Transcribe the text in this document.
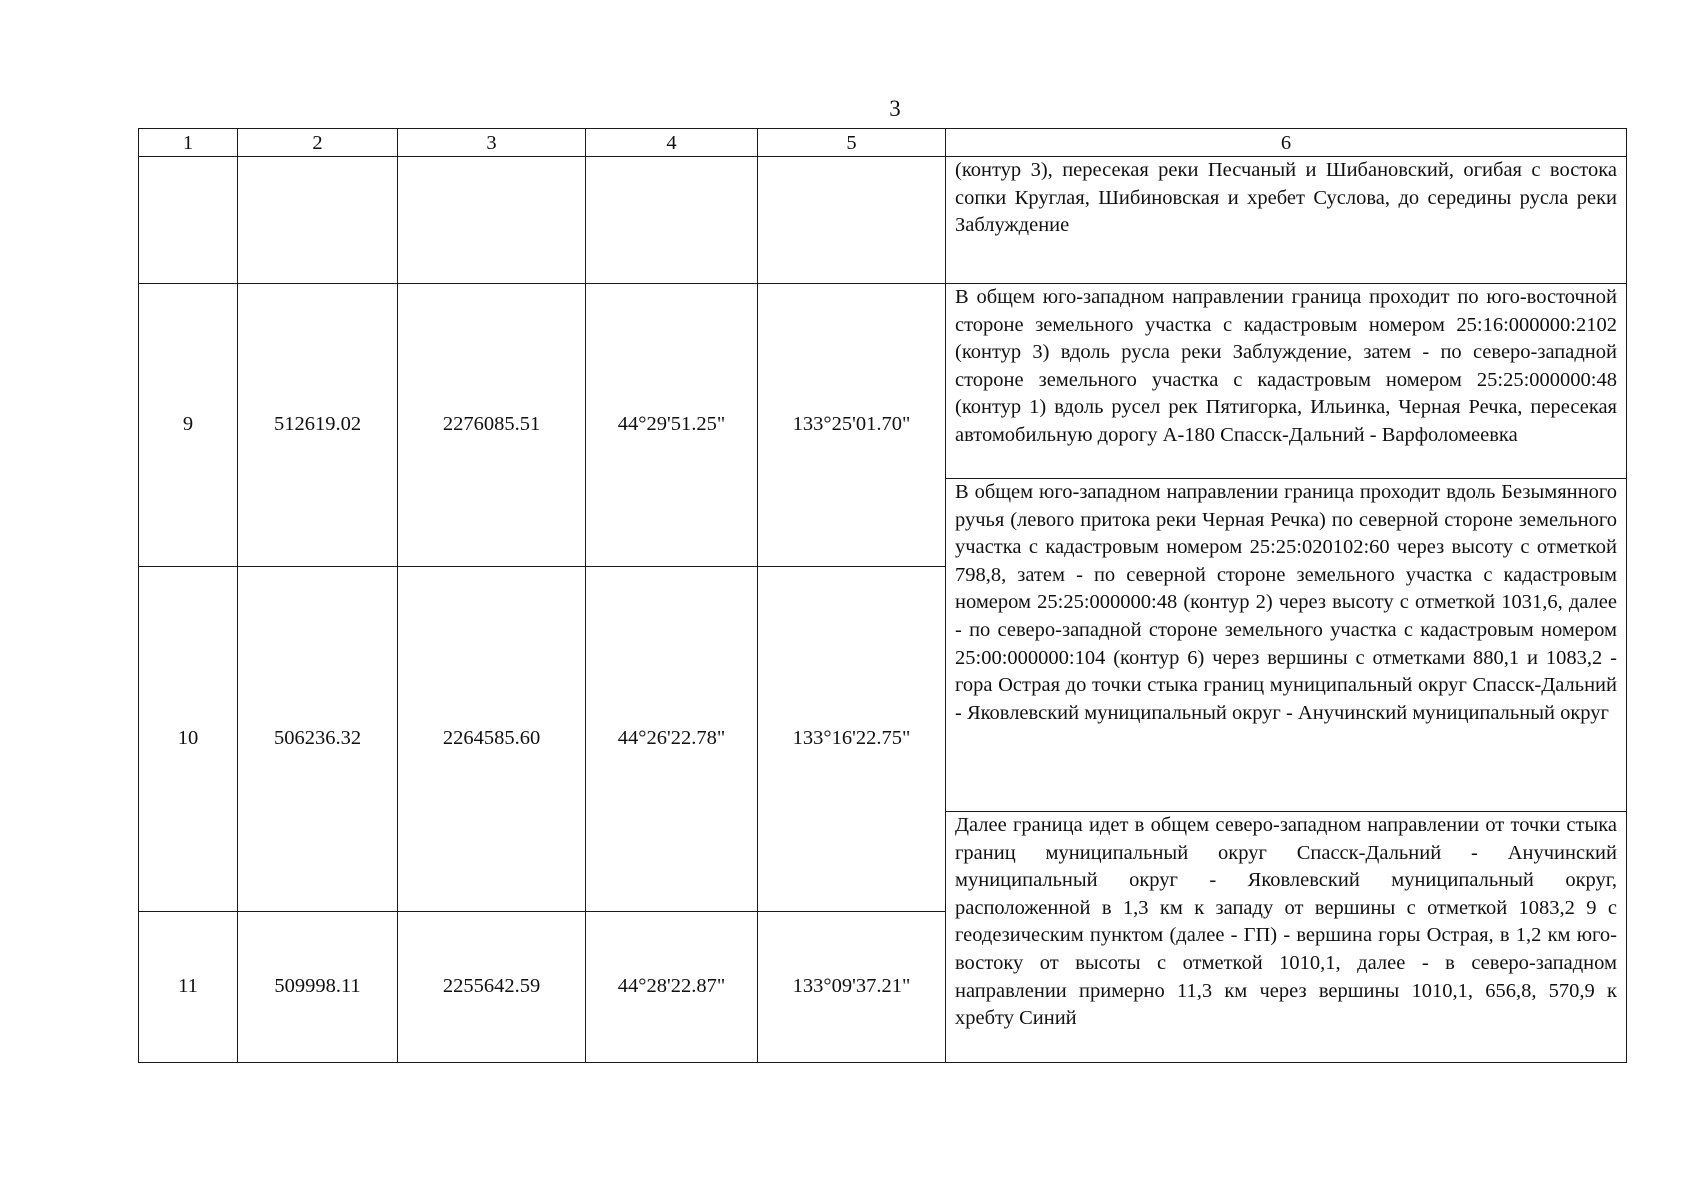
3
1	2	3	4	5	6
					(контур 3), пересекая реки Песчаный и Шибановский, огибая с востока сопки Круглая, Шибиновская и хребет Суслова, до середины русла реки Заблуждение
9	512619.02	2276085.51	44°29'51.25"	133°25'01.70"	В общем юго-западном направлении граница проходит по юго-восточной стороне земельного участка с кадастровым номером 25:16:000000:2102 (контур 3) вдоль русла реки Заблуждение, затем - по северо-западной стороне земельного участка с кадастровым номером 25:25:000000:48 (контур 1) вдоль русел рек Пятигорка, Ильинка, Черная Речка, пересекая автомобильную дорогу А-180 Спасск-Дальний - Варфоломеевка
					В общем юго-западном направлении граница проходит вдоль Безымянного ручья (левого притока реки Черная Речка) по северной стороне земельного участка с кадастровым номером 25:25:020102:60 через высоту с отметкой 798,8, затем - по северной стороне земельного участка с кадастровым номером 25:25:000000:48 (контур 2) через высоту с отметкой 1031,6, далее - по северо-западной стороне земельного участка с кадастровым номером 25:00:000000:104 (контур 6) через вершины с отметками 880,1 и 1083,2 - гора Острая до точки стыка границ муниципальный округ Спасск-Дальний - Яковлевский муниципальный округ - Анучинский муниципальный округ
10	506236.32	2264585.60	44°26'22.78"	133°16'22.75"	
					Далее граница идет в общем северо-западном направлении от точки стыка границ муниципальный округ Спасск-Дальний - Анучинский муниципальный округ - Яковлевский муниципальный округ, расположенной в 1,3 км к западу от вершины с отметкой 1083,2 9 с геодезическим пунктом (далее - ГП) - вершина горы Острая, в 1,2 км юго-востоку от высоты с отметкой 1010,1, далее - в северо-западном направлении примерно 11,3 км через вершины 1010,1, 656,8, 570,9 к хребту Синий
11	509998.11	2255642.59	44°28'22.87"	133°09'37.21"	
